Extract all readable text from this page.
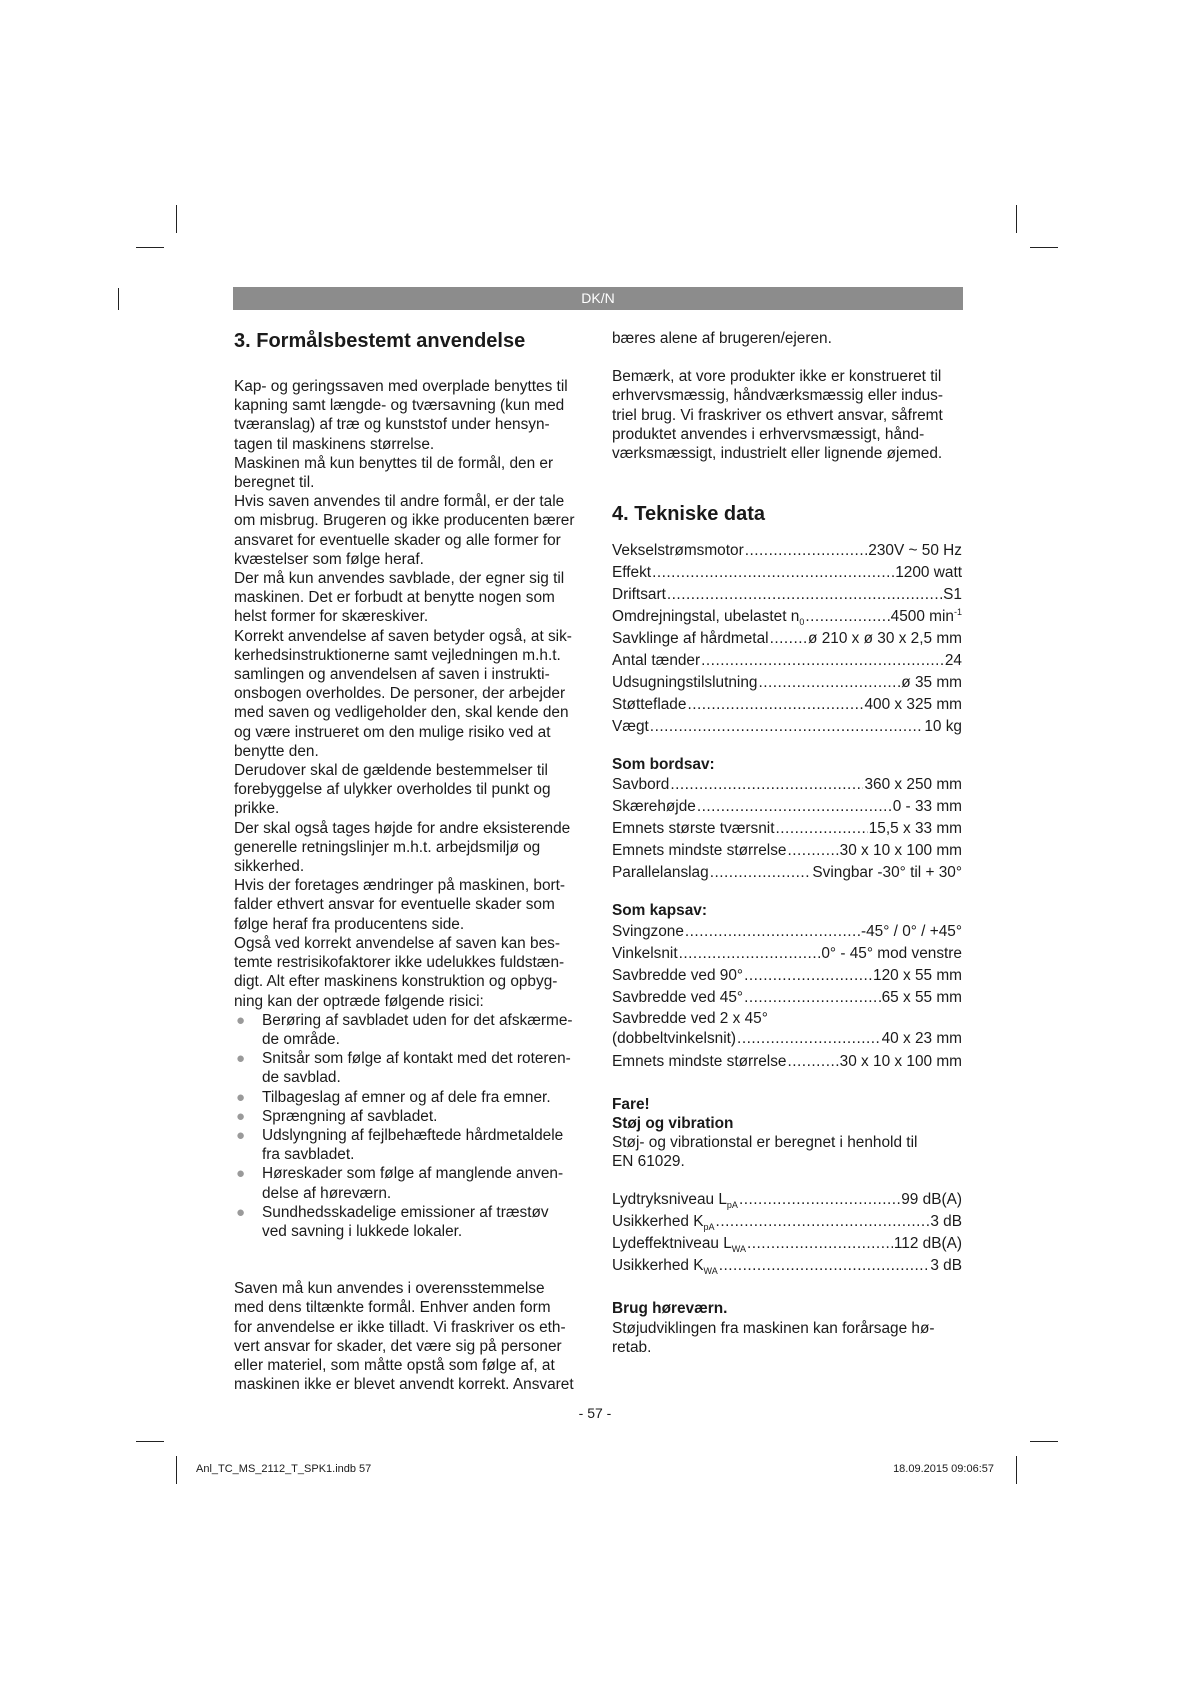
DK/N
3. Formålsbestemt anvendelse
Kap- og geringssaven med overplade benyttes til
kapning samt længde- og tværsavning (kun med
tværanslag) af træ og kunststof under hensyn-
tagen til maskinens størrelse.
Maskinen må kun benyttes til de formål, den er
beregnet til.
Hvis saven anvendes til andre formål, er der tale
om misbrug. Brugeren og ikke producenten bærer
ansvaret for eventuelle skader og alle former for
kvæstelser som følge heraf.
Der må kun anvendes savblade, der egner sig til
maskinen. Det er forbudt at benytte nogen som
helst former for skæreskiver.
Korrekt anvendelse af saven betyder også, at sik-
kerhedsinstruktionerne samt vejledningen m.h.t.
samlingen og anvendelsen af saven i instrukti-
onsbogen overholdes. De personer, der arbejder
med saven og vedligeholder den, skal kende den
og være instrueret om den mulige risiko ved at
benytte den.
Derudover skal de gældende bestemmelser til
forebyggelse af ulykker overholdes til punkt og
prikke.
Der skal også tages højde for andre eksisterende
generelle retningslinjer m.h.t. arbejdsmiljø og
sikkerhed.
Hvis der foretages ændringer på maskinen, bort-
falder ethvert ansvar for eventuelle skader som
følge heraf fra producentens side.
Også ved korrekt anvendelse af saven kan bes-
temte restrisikofaktorer ikke udelukkes fuldstæn-
digt. Alt efter maskinens konstruktion og opbyg-
ning kan der optræde følgende risici:
● Berøring af savbladet uden for det afskærme-
de område.
● Snitsår som følge af kontakt med det roteren-
de savblad.
● Tilbageslag af emner og af dele fra emner.
● Sprængning af savbladet.
● Udslyngning af fejlbehæftede hårdmetaldele
fra savbladet.
● Høreskader som følge af manglende anven-
delse af høreværn.
● Sundhedsskadelige emissioner af træstøv
ved savning i lukkede lokaler.
Saven må kun anvendes i overensstemmelse
med dens tiltænkte formål. Enhver anden form
for anvendelse er ikke tilladt. Vi fraskriver os eth-
vert ansvar for skader, det være sig på personer
eller materiel, som måtte opstå som følge af, at
maskinen ikke er blevet anvendt korrekt. Ansvaret

bæres alene af brugeren/ejeren.

Bemærk, at vore produkter ikke er konstrueret til
erhvervsmæssig, håndværksmæssig eller indus-
triel brug. Vi fraskriver os ethvert ansvar, såfremt
produktet anvendes i erhvervsmæssigt, hånd-
værksmæssigt, industrielt eller lignende øjemed.
4. Tekniske data
Vekselstrømsmotor .....	230V ~ 50 Hz
Effekt .....	1200 watt
Driftsart .....	S1
Omdrejningstal, ubelastet $n_0$ .....	4500 $\min^{-1}$
Savklinge af hårdmetal .....	ø 210 x ø 30 x 2,5 mm
Antal tænder .....	24
Udsugningstilslutning .....	ø 35 mm
Støtteflade .....	400 x 325 mm
Vægt .....	10 kg

Som bordsav:

Savbord .....	360 x 250 mm
Skærehøjde .....	0 - 33 mm
Emnets største tværsnit .....	15,5 x 33 mm
Emnets mindste størrelse .....	30 x 10 x 100 mm
Parallelanslag .....	Svingbar -30° til + 30°

Som kapsav:

Svingzone .....	-45° / 0° / +45°
Vinkelsnit .....	0° - 45° mod venstre
Savbredde ved 90° .....	120 x 55 mm
Savbredde ved 45° .....	65 x 55 mm
Savbredde ved 2 x 45°
(dobbeltvinkelsnit) .....	40 x 23 mm
Emnets mindste størrelse .....	30 x 10 x 100 mm

Fare!

Støj og vibration

Støj- og vibrationstal er beregnet i henhold til
EN 61029.
Lydtryksniveau $L_{pA}$ .....	99 dB(A)
Usikkerhed $K_{pA}$ .....	3 dB
Lydeffektniveau $L_{WA}$ .....	112 dB(A)
Usikkerhed $K_{WA}$ .....	3 dB

Brug høreværn.

Støjudviklingen fra maskinen kan forårsage hø-
retab.
- 57 -
Anl_TC_MS_2112_T_SPK1.indb 57	18.09.2015 09:06:57
